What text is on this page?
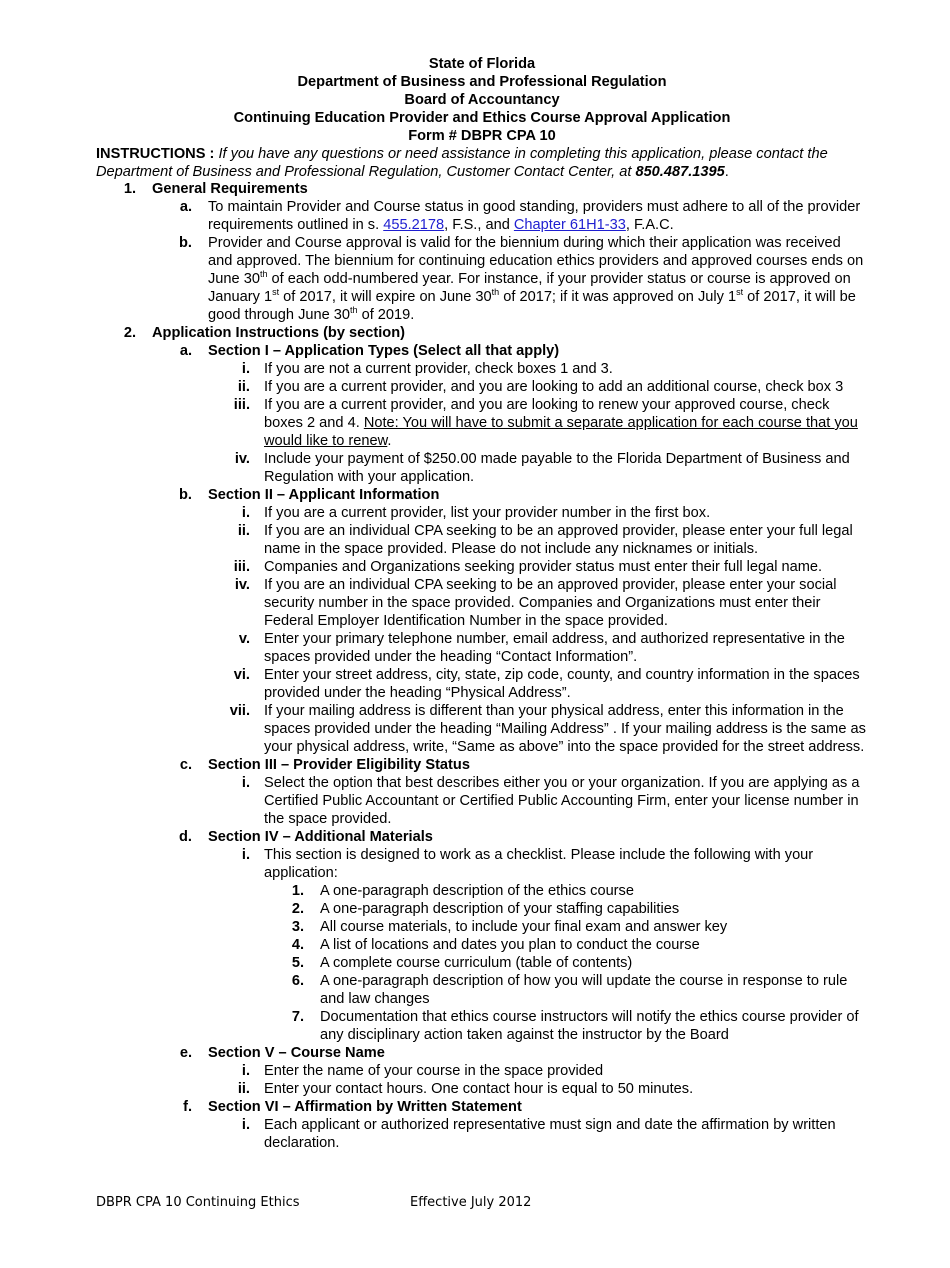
State of Florida
Department of Business and Professional Regulation
Board of Accountancy
Continuing Education Provider and Ethics Course Approval Application
Form # DBPR CPA 10
INSTRUCTIONS : If you have any questions or need assistance in completing this application, please contact the Department of Business and Professional Regulation, Customer Contact Center, at 850.487.1395.
1. General Requirements
a. To maintain Provider and Course status in good standing, providers must adhere to all of the provider requirements outlined in s. 455.2178, F.S., and Chapter 61H1-33, F.A.C.
b. Provider and Course approval is valid for the biennium during which their application was received and approved. The biennium for continuing education ethics providers and approved courses ends on June 30th of each odd-numbered year. For instance, if your provider status or course is approved on January 1st of 2017, it will expire on June 30th of 2017; if it was approved on July 1st of 2017, it will be good through June 30th of 2019.
2. Application Instructions (by section)
a. Section I – Application Types (Select all that apply)
i. If you are not a current provider, check boxes 1 and 3.
ii. If you are a current provider, and you are looking to add an additional course, check box 3
iii. If you are a current provider, and you are looking to renew your approved course, check boxes 2 and 4. Note: You will have to submit a separate application for each course that you would like to renew.
iv. Include your payment of $250.00 made payable to the Florida Department of Business and Regulation with your application.
b. Section II – Applicant Information
i. If you are a current provider, list your provider number in the first box.
ii. If you are an individual CPA seeking to be an approved provider, please enter your full legal name in the space provided. Please do not include any nicknames or initials.
iii. Companies and Organizations seeking provider status must enter their full legal name.
iv. If you are an individual CPA seeking to be an approved provider, please enter your social security number in the space provided. Companies and Organizations must enter their Federal Employer Identification Number in the space provided.
v. Enter your primary telephone number, email address, and authorized representative in the spaces provided under the heading “Contact Information”.
vi. Enter your street address, city, state, zip code, county, and country information in the spaces provided under the heading “Physical Address”.
vii. If your mailing address is different than your physical address, enter this information in the spaces provided under the heading “Mailing Address” . If your mailing address is the same as your physical address, write, “Same as above” into the space provided for the street address.
c. Section III – Provider Eligibility Status
i. Select the option that best describes either you or your organization. If you are applying as a Certified Public Accountant or Certified Public Accounting Firm, enter your license number in the space provided.
d. Section IV – Additional Materials
i. This section is designed to work as a checklist. Please include the following with your application:
1. A one-paragraph description of the ethics course
2. A one-paragraph description of your staffing capabilities
3. All course materials, to include your final exam and answer key
4. A list of locations and dates you plan to conduct the course
5. A complete course curriculum (table of contents)
6. A one-paragraph description of how you will update the course in response to rule and law changes
7. Documentation that ethics course instructors will notify the ethics course provider of any disciplinary action taken against the instructor by the Board
e. Section V – Course Name
i. Enter the name of your course in the space provided
ii. Enter your contact hours. One contact hour is equal to 50 minutes.
f. Section VI – Affirmation by Written Statement
i. Each applicant or authorized representative must sign and date the affirmation by written declaration.
DBPR CPA 10 Continuing Ethics	Effective July 2012
